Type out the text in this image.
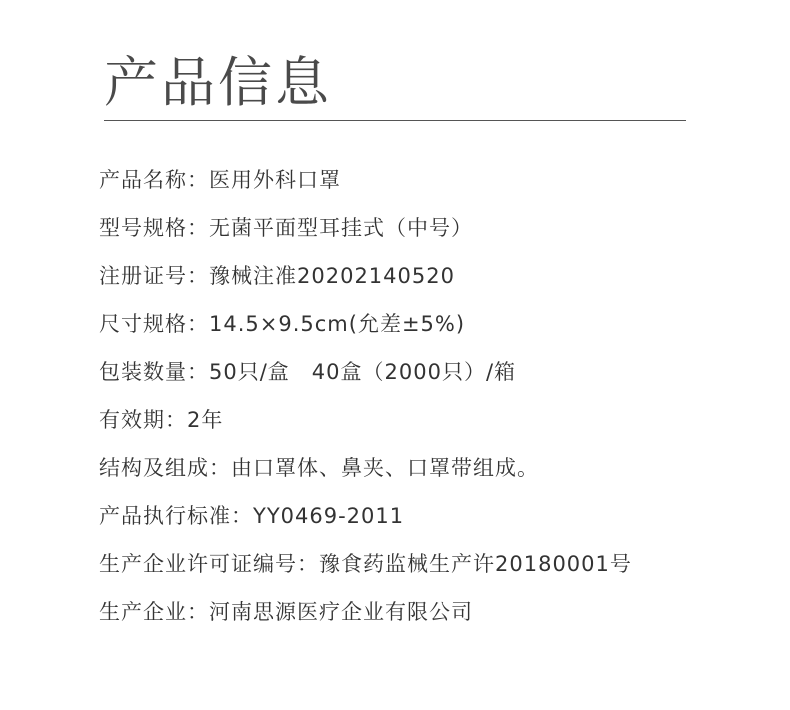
产品信息
产品名称：医用外科口罩
型号规格：无菌平面型耳挂式（中号）
注册证号：豫械注准20202140520
尺寸规格：14.5×9.5cm(允差±5%)
包装数量：50只/盒　40盒（2000只）/箱
有效期：2年
结构及组成：由口罩体、鼻夹、口罩带组成。
产品执行标准：YY0469-2011
生产企业许可证编号：豫食药监械生产许20180001号
生产企业：河南思源医疗企业有限公司
